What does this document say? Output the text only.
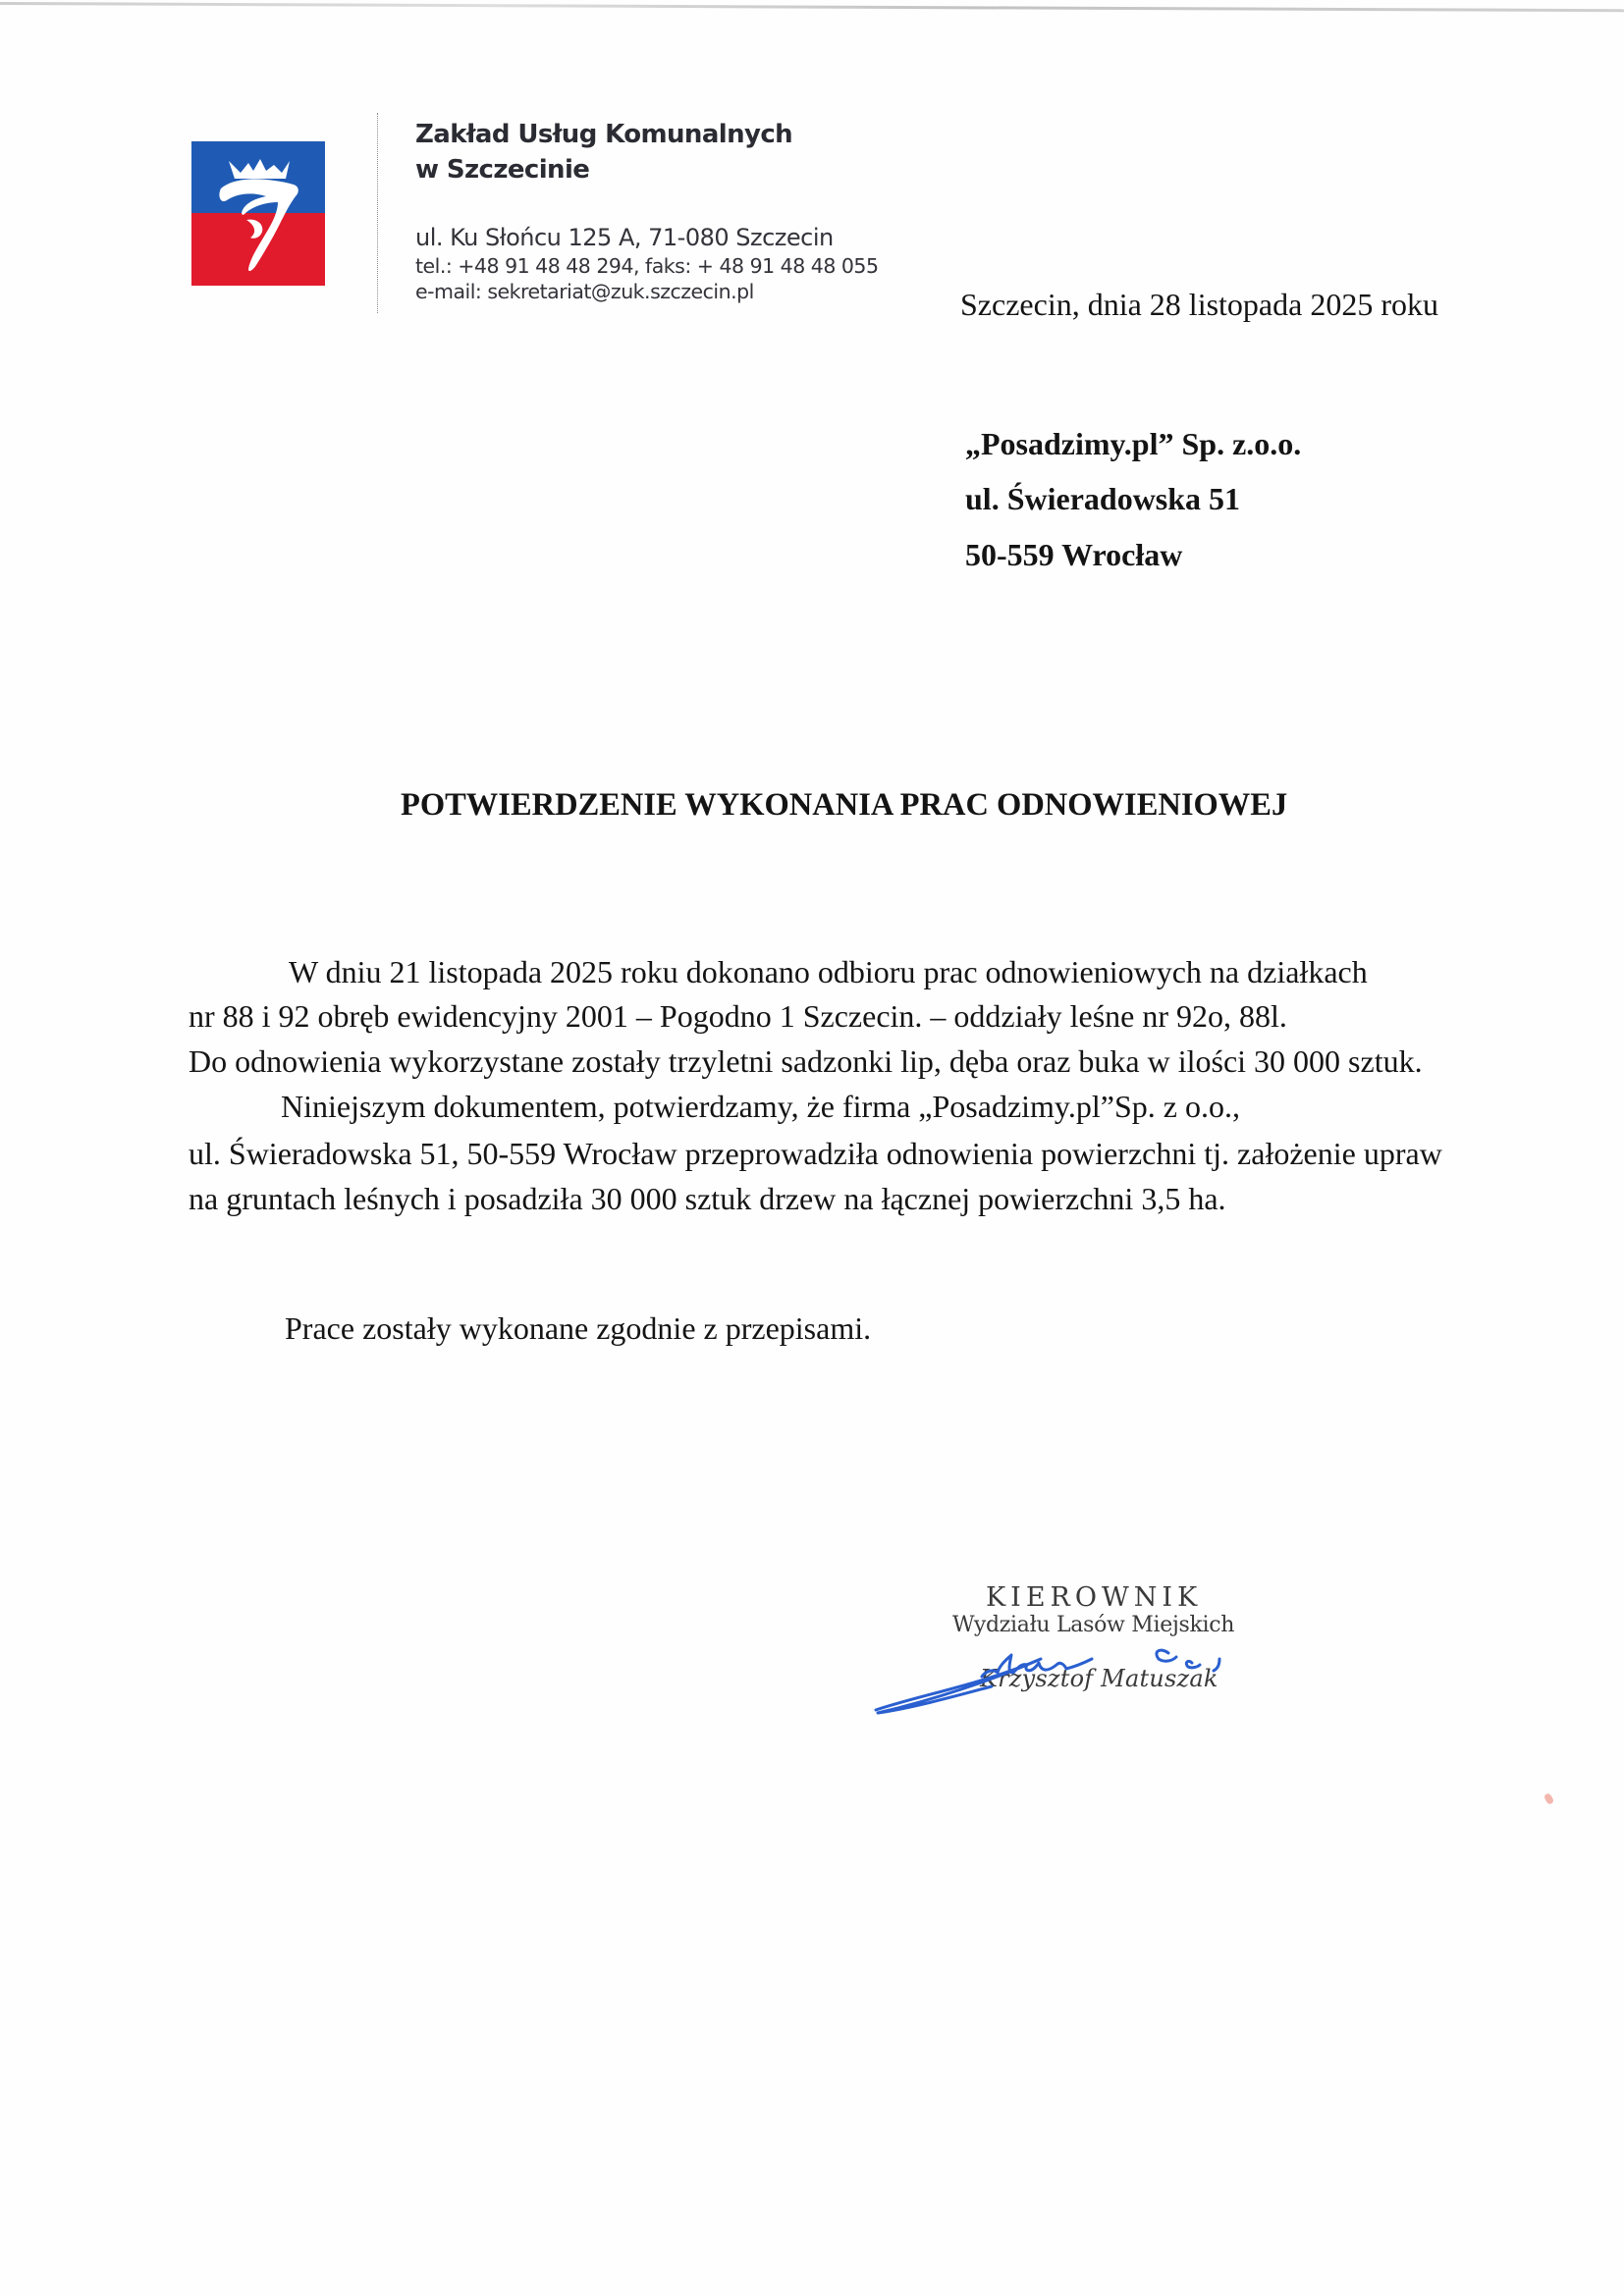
Zakład Usług Komunalnych
w Szczecinie
ul. Ku Słońcu 125 A, 71-080 Szczecin
tel.: +48 91 48 48 294, faks: + 48 91 48 48 055
e-mail: sekretariat@zuk.szczecin.pl	Szczecin, dnia 28 listopada 2025 roku
„Posadzimy.pl” Sp. z.o.o.
ul. Świeradowska 51
50-559 Wrocław
POTWIERDZENIE WYKONANIA PRAC ODNOWIENIOWEJ
W dniu 21 listopada 2025 roku dokonano odbioru prac odnowieniowych na działkach
nr 88 i 92 obręb ewidencyjny 2001 – Pogodno 1 Szczecin. – oddziały leśne nr 92o, 88l.
Do odnowienia wykorzystane zostały trzyletni sadzonki lip, dęba oraz buka w ilości 30 000 sztuk.
Niniejszym dokumentem, potwierdzamy, że firma „Posadzimy.pl”Sp. z o.o.,
ul. Świeradowska 51, 50-559 Wrocław przeprowadziła odnowienia powierzchni tj. założenie upraw
na gruntach leśnych i posadziła 30 000 sztuk drzew na łącznej powierzchni 3,5 ha.
Prace zostały wykonane zgodnie z przepisami.
KIEROWNIK
Wydziału Lasów Miejskich
Krzysztof Matuszak
